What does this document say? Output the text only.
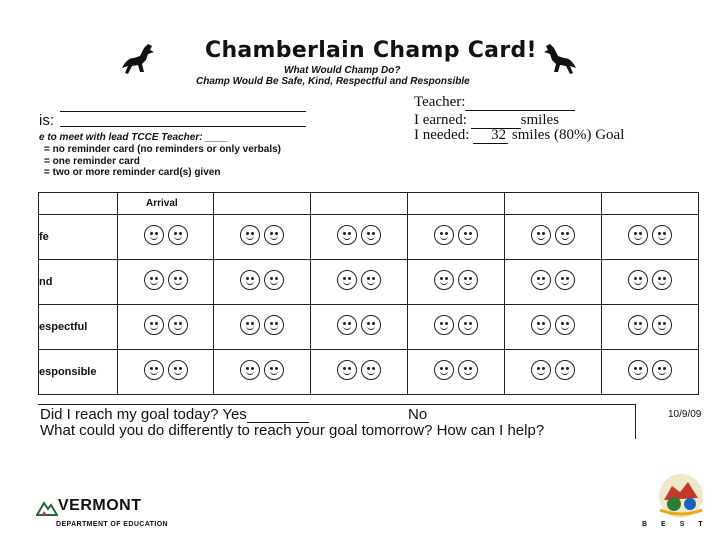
Chamberlain Champ Card!
What Would Champ Do?
Champ Would Be Safe, Kind, Respectful and Responsible
Teacher:
I earned:	smiles
I needed: 32 smiles (80%) Goal
is:
e to meet with lead TCCE Teacher: ____
= no reminder card (no reminders or only verbals)
= one reminder card
= two or more reminder card(s) given
	Arrival					
fe	

nd	

espectful	

esponsible	

Did I reach my goal today? Yes	No
What could you do differently to reach your goal tomorrow? How can I help?
10/9/09
VERMONT
DEPARTMENT OF EDUCATION	BEST
